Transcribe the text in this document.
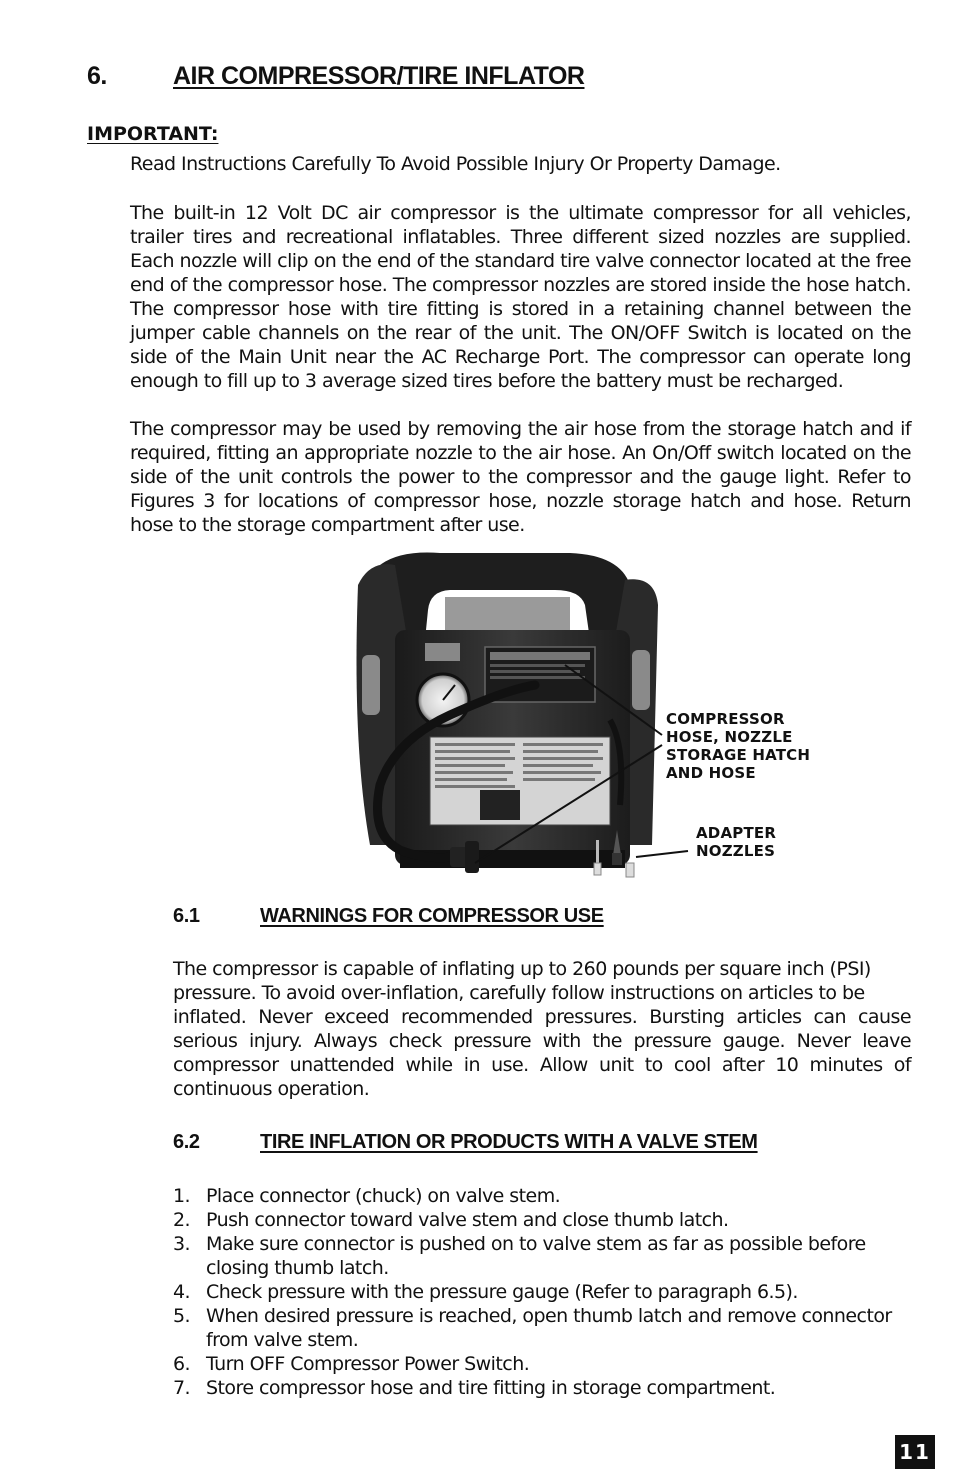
6.	AIR COMPRESSOR/TIRE INFLATOR
IMPORTANT:

Read Instructions Carefully To Avoid Possible Injury Or Property Damage.

The built-in 12 Volt DC air compressor is the ultimate compressor for all vehicles, trailer tires and recreational inflatables. Three different sized nozzles are supplied. Each nozzle will clip on the end of the standard tire valve connector located at the free end of the compressor hose. The compressor nozzles are stored inside the hose hatch. The compressor hose with tire fitting is stored in a retaining channel between the jumper cable channels on the rear of the unit. The ON/OFF Switch is located on the side of the Main Unit near the AC Recharge Port. The compressor can operate long enough to fill up to 3 average sized tires before the battery must be recharged.

The compressor may be used by removing the air hose from the storage hatch and if required, fitting an appropriate nozzle to the air hose. An On/Off switch located on the side of the unit controls the power to the compressor and the gauge light. Refer to Figures 3 for locations of compressor hose, nozzle storage hatch and hose. Return hose to the storage compartment after use.

COMPRESSOR
HOSE, NOZZLE
STORAGE HATCH
AND HOSE
ADAPTER
NOZZLES
6.1	WARNINGS FOR COMPRESSOR USE
The compressor is capable of inflating up to 260 pounds per square inch (PSI)
pressure. To avoid over-inflation, carefully follow instructions on articles to be
inflated. Never exceed recommended pressures. Bursting articles can cause serious injury. Always check pressure with the pressure gauge. Never leave compressor unattended while in use. Allow unit to cool after 10 minutes of continuous operation.
6.2	TIRE INFLATION OR PRODUCTS WITH A VALVE STEM
1. Place connector (chuck) on valve stem.
2. Push connector toward valve stem and close thumb latch.
3. Make sure connector is pushed on to valve stem as far as possible before closing thumb latch.
4. Check pressure with the pressure gauge (Refer to paragraph 6.5).
5. When desired pressure is reached, open thumb latch and remove connector from valve stem.
6. Turn OFF Compressor Power Switch.
7. Store compressor hose and tire fitting in storage compartment.
11
